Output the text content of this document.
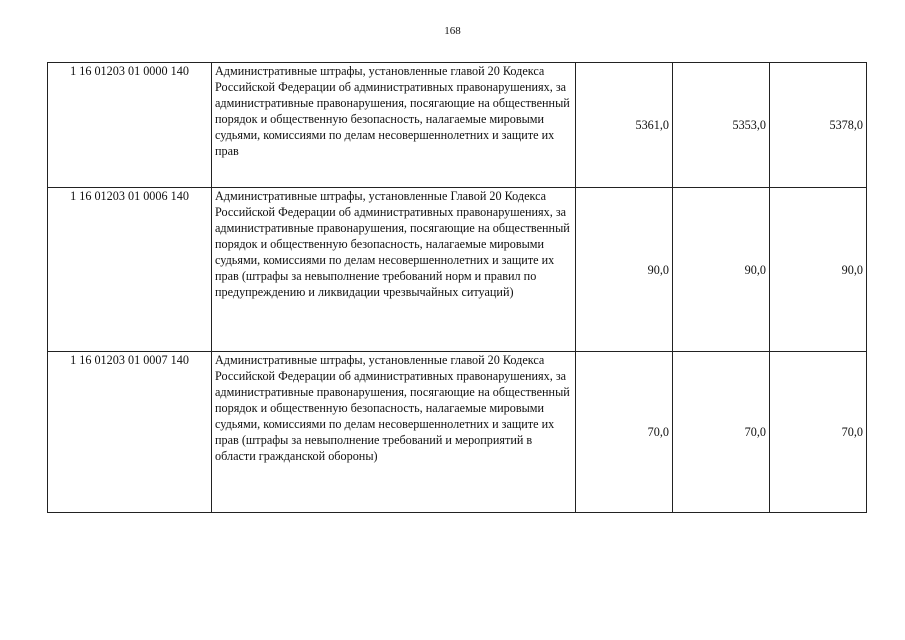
168
1 16 01203 01 0000 140	Административные штрафы, установленные главой 20 Кодекса Российской Федерации об административных правонарушениях, за административные правонарушения, посягающие на общественный порядок и общественную безопасность, налагаемые мировыми судьями, комиссиями по делам несовершеннолетних и защите их прав	5361,0	5353,0	5378,0
1 16 01203 01 0006 140	Административные штрафы, установленные Главой 20 Кодекса Российской Федерации об административных правонарушениях, за административные правонарушения, посягающие на общественный порядок и общественную безопасность, налагаемые мировыми судьями, комиссиями по делам несовершеннолетних и защите их прав (штрафы за невыполнение требований норм и правил по предупреждению и ликвидации чрезвычайных ситуаций)	90,0	90,0	90,0
1 16 01203 01 0007 140	Административные штрафы, установленные главой 20 Кодекса Российской Федерации об административных правонарушениях, за административные правонарушения, посягающие на общественный порядок и общественную безопасность, налагаемые мировыми судьями, комиссиями по делам несовершеннолетних и защите их прав (штрафы за невыполнение требований и мероприятий в области гражданской обороны)	70,0	70,0	70,0
